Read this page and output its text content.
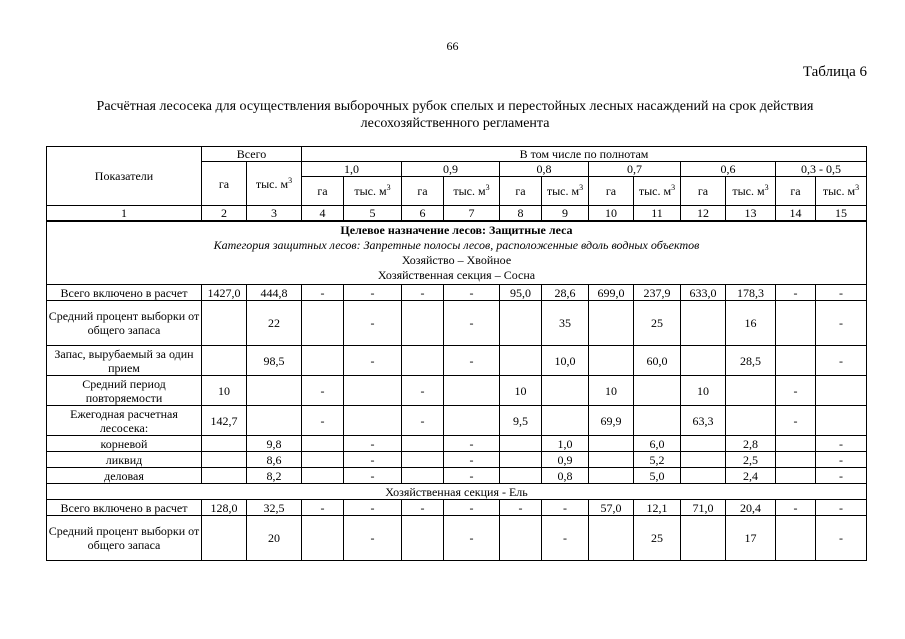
66
Таблица 6
Расчётная лесосека для осуществления выборочных рубок спелых и перестойных лесных насаждений на срок действия лесохозяйственного регламента
Показатели	Всего		В том числе по полнотам											
	га	тыс. $м^3$	1,0		0,9		0,8		0,7		0,6		0,3 - 0,5	
			га	тыс. $м^3$	га	тыс. $м^3$	га	тыс. $м^3$	га	тыс. $м^3$	га	тыс. $м^3$	га	тыс. $м^3$
1	2	3	4	5	6	7	8	9	10	11	12	13	14	15

Целевое назначение лесов: Защитные леса
Категория защитных лесов: Запретные полосы лесов, расположенные вдоль водных объектов
Хозяйство – Хвойное
Хозяйственная секция – Сосна														

Всего включено в расчет	1427,0	444,8	-	-	-	-	95,0	28,6	699,0	237,9	633,0	178,3	-	-
Средний процент выборки от общего запаса		22		-		-		35		25		16		-
Запас, вырубаемый за один прием		98,5		-		-		10,0		60,0		28,5		-
Средний период повторяемости	10		-		-		10		10		10		-	
Ежегодная расчетная лесосека:	142,7		-		-		9,5		69,9		63,3		-	
корневой		9,8		-		-		1,0		6,0		2,8		-
ликвид		8,6		-		-		0,9		5,2		2,5		-
деловая		8,2		-		-		0,8		5,0		2,4		-
Хозяйственная секция - Ель														
Всего включено в расчет	128,0	32,5	-	-	-	-	-	-	57,0	12,1	71,0	20,4	-	-
Средний процент выборки от общего запаса		20		-		-		-		25		17		-
